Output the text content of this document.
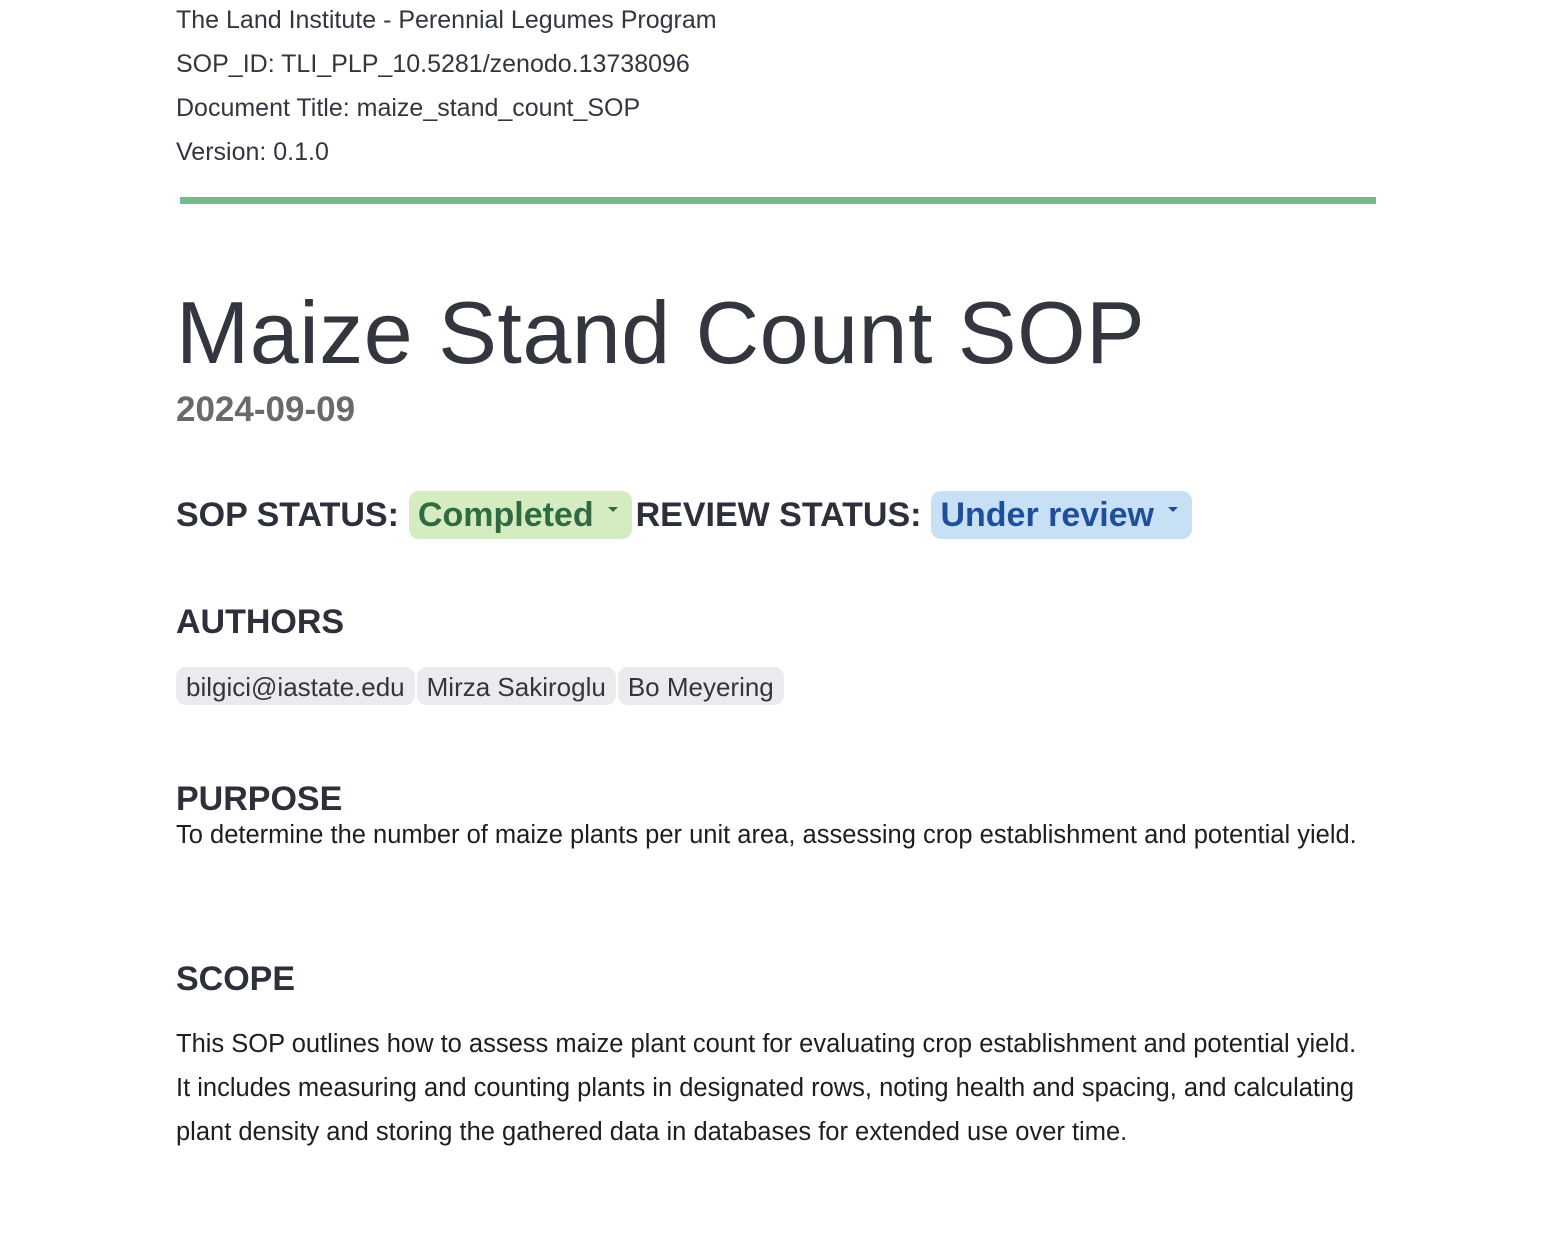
The Land Institute - Perennial Legumes Program

SOP_ID: TLI_PLP_10.5281/zenodo.13738096

Document Title: maize_stand_count_SOP

Version: 0.1.0

Maize Stand Count SOP

2024-09-09

SOP STATUS: Completed REVIEW STATUS: Under review
AUTHORS
bilgici@iastate.edu Mirza Sakiroglu Bo Meyering
PURPOSE

To determine the number of maize plants per unit area, assessing crop establishment and potential yield.

SCOPE

This SOP outlines how to assess maize plant count for evaluating crop establishment and potential yield. It includes measuring and counting plants in designated rows, noting health and spacing, and calculating plant density and storing the gathered data in databases for extended use over time.
